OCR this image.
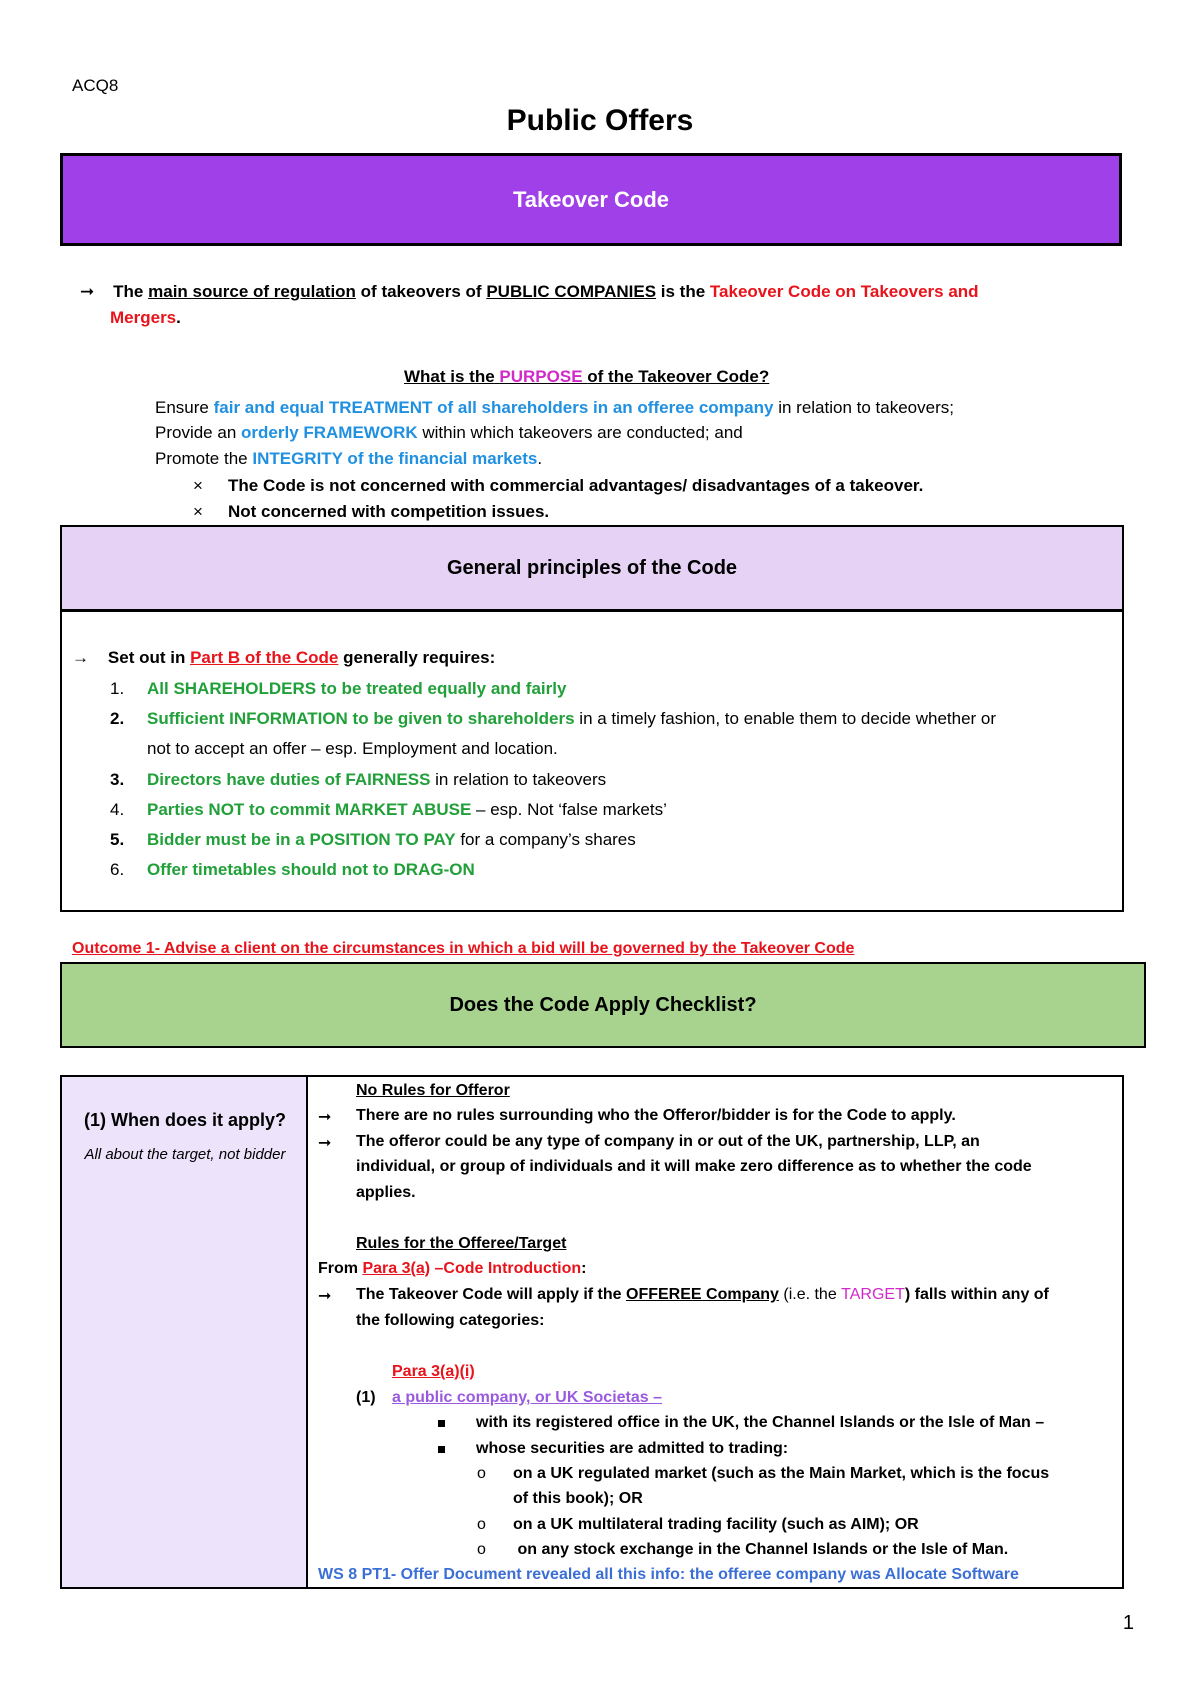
ACQ8
Public Offers
Takeover Code
➞ The main source of regulation of takeovers of PUBLIC COMPANIES is the Takeover Code on Takeovers and
Mergers.
What is the PURPOSE of the Takeover Code?
Ensure fair and equal TREATMENT of all shareholders in an offeree company in relation to takeovers;
Provide an orderly FRAMEWORK within which takeovers are conducted; and
Promote the INTEGRITY of the financial markets.
× The Code is not concerned with commercial advantages/ disadvantages of a takeover.
× Not concerned with competition issues.
General principles of the Code
→ Set out in Part B of the Code generally requires:
1. All SHAREHOLDERS to be treated equally and fairly
2. Sufficient INFORMATION to be given to shareholders in a timely fashion, to enable them to decide whether or
not to accept an offer – esp. Employment and location.
3. Directors have duties of FAIRNESS in relation to takeovers
4. Parties NOT to commit MARKET ABUSE – esp. Not ‘false markets’
5. Bidder must be in a POSITION TO PAY for a company’s shares
6. Offer timetables should not to DRAG-ON
Outcome 1- Advise a client on the circumstances in which a bid will be governed by the Takeover Code
Does the Code Apply Checklist?
(1) When does it apply?
All about the target, not bidder
No Rules for Offeror
➞ There are no rules surrounding who the Offeror/bidder is for the Code to apply.
➞ The offeror could be any type of company in or out of the UK, partnership, LLP, an
individual, or group of individuals and it will make zero difference as to whether the code
applies.
Rules for the Offeree/Target
From Para 3(a) –Code Introduction:
➞ The Takeover Code will apply if the OFFEREE Company (i.e. the TARGET) falls within any of
the following categories:
Para 3(a)(i)
(1) a public company, or UK Societas –
with its registered office in the UK, the Channel Islands or the Isle of Man –
whose securities are admitted to trading:
o on a UK regulated market (such as the Main Market, which is the focus
of this book); OR
o on a UK multilateral trading facility (such as AIM); OR
o on any stock exchange in the Channel Islands or the Isle of Man.
WS 8 PT1- Offer Document revealed all this info: the offeree company was Allocate Software
1
